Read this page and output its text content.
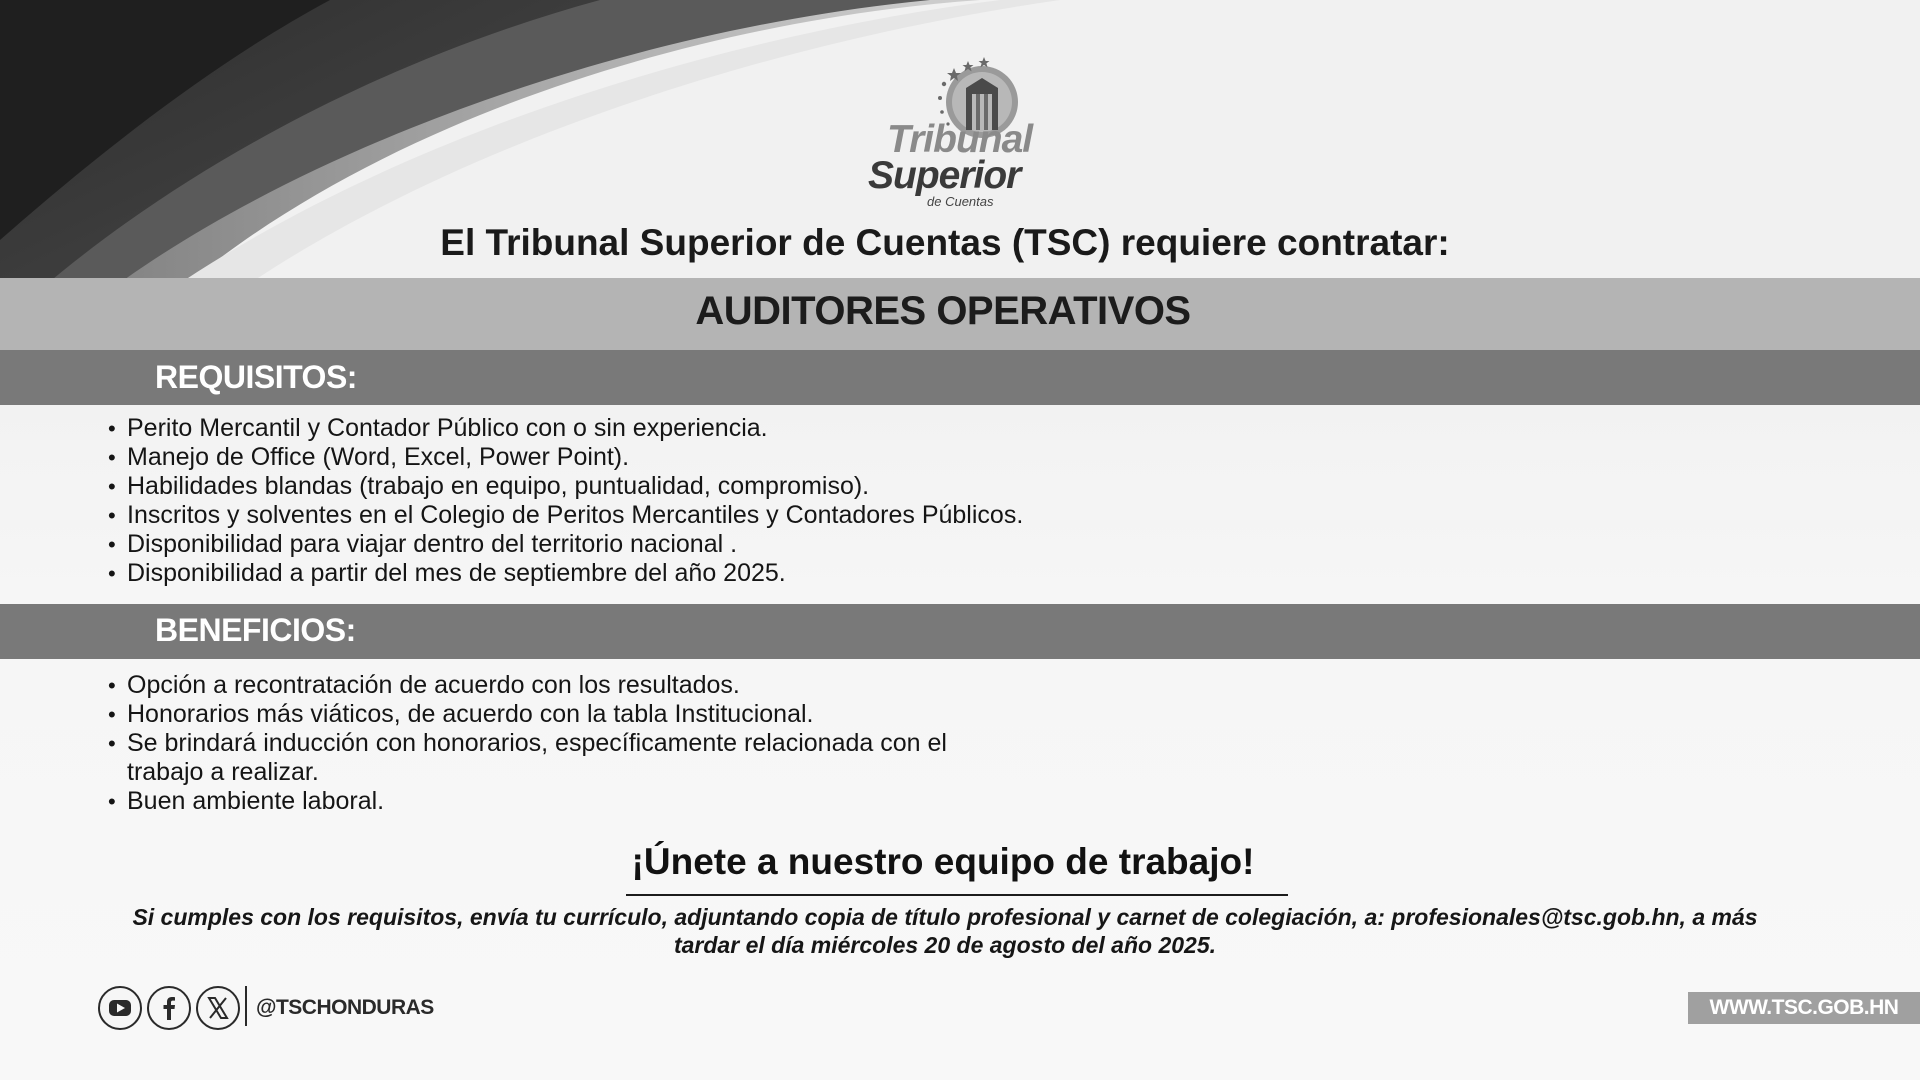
Tribunal
Superior
de Cuentas
El Tribunal Superior de Cuentas (TSC) requiere contratar:
AUDITORES OPERATIVOS
REQUISITOS:
• Perito Mercantil y Contador Público con o sin experiencia.
• Manejo de Office (Word, Excel, Power Point).
• Habilidades blandas (trabajo en equipo, puntualidad, compromiso).
• Inscritos y solventes en el Colegio de Peritos Mercantiles y Contadores Públicos.
• Disponibilidad para viajar dentro del territorio nacional .
• Disponibilidad a partir del mes de septiembre del año 2025.
BENEFICIOS:
• Opción a recontratación de acuerdo con los resultados.
• Honorarios más viáticos, de acuerdo con la tabla Institucional.
• Se brindará inducción con honorarios, específicamente relacionada con el
trabajo a realizar.
• Buen ambiente laboral.
¡Únete a nuestro equipo de trabajo!
Si cumples con los requisitos, envía tu currículo, adjuntando copia de título profesional y carnet de colegiación, a: profesionales@tsc.gob.hn, a más tardar el día miércoles 20 de agosto del año 2025.
@TSCHONDURAS	WWW.TSC.GOB.HN
